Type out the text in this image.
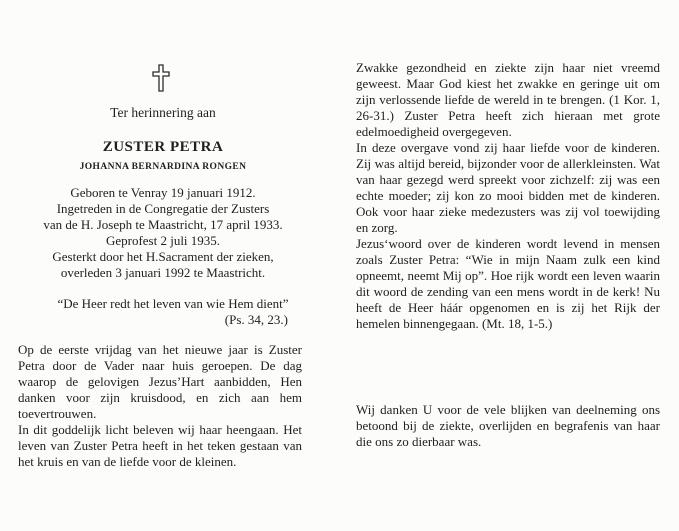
Ter herinnering aan
ZUSTER PETRA
JOHANNA BERNARDINA RONGEN
Geboren te Venray 19 januari 1912.
Ingetreden in de Congregatie der Zusters
van de H. Joseph te Maastricht, 17 april 1933.
Geprofest 2 juli 1935.
Gesterkt door het H.Sacrament der zieken,
overleden 3 januari 1992 te Maastricht.
“De Heer redt het leven van wie Hem dient”
(Ps. 34, 23.)

Op de eerste vrijdag van het nieuwe jaar is Zuster Petra door de Vader naar huis geroepen. De dag waarop de gelovigen Jezus’Hart aanbidden, Hen danken voor zijn kruisdood, en zich aan hem toevertrouwen.

In dit goddelijk licht beleven wij haar heengaan. Het leven van Zuster Petra heeft in het teken gestaan van het kruis en van de liefde voor de kleinen.

Zwakke gezondheid en ziekte zijn haar niet vreemd geweest. Maar God kiest het zwakke en geringe uit om zijn verlossende liefde de wereld in te brengen. (1 Kor. 1, 26-31.) Zuster Petra heeft zich hieraan met grote edelmoedigheid overgegeven.

In deze overgave vond zij haar liefde voor de kinderen. Zij was altijd bereid, bijzonder voor de allerkleinsten. Wat van haar gezegd werd spreekt voor zichzelf: zij was een echte moeder; zij kon zo mooi bidden met de kinderen. Ook voor haar zieke medezusters was zij vol toewijding en zorg.

Jezus‘woord over de kinderen wordt levend in mensen zoals Zuster Petra: “Wie in mijn Naam zulk een kind opneemt, neemt Mij op”. Hoe rijk wordt een leven waarin dit woord de zending van een mens wordt in de kerk! Nu heeft de Heer háár opgenomen en is zij het Rijk der hemelen binnengegaan. (Mt. 18, 1-5.)

Wij danken U voor de vele blijken van deelneming ons betoond bij de ziekte, overlijden en begrafenis van haar die ons zo dierbaar was.
